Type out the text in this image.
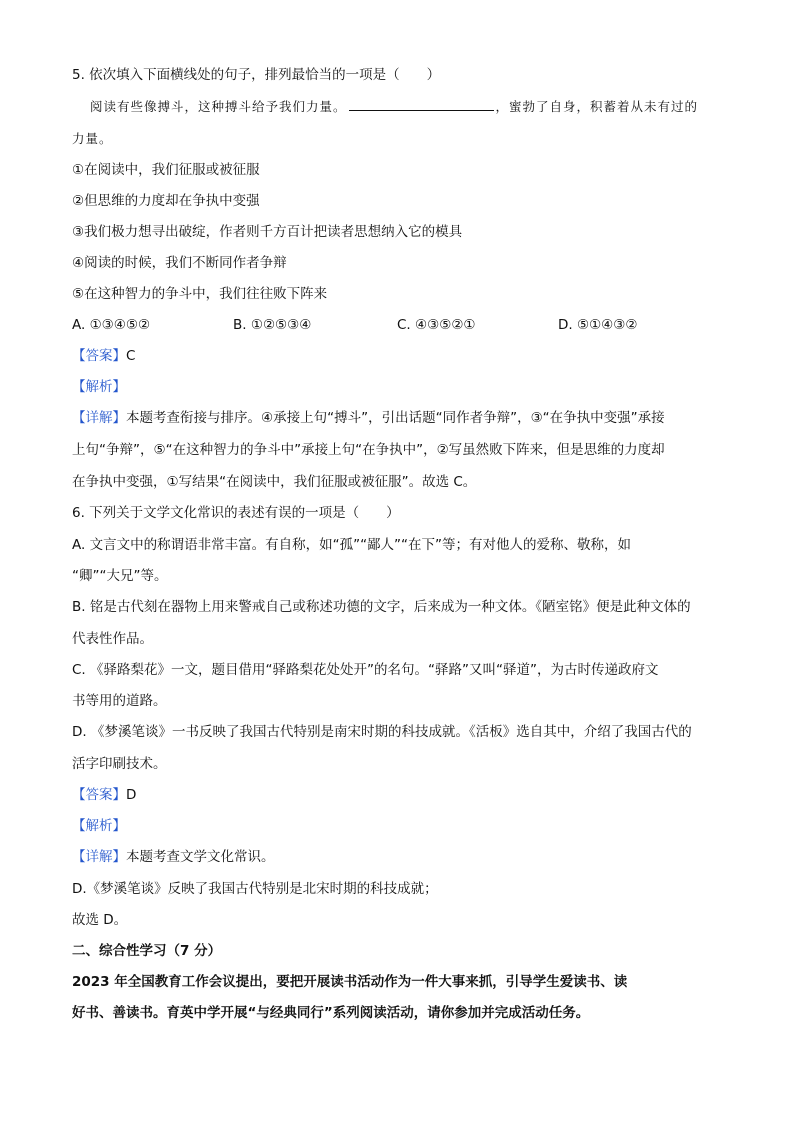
5. 依次填入下面横线处的句子，排列最恰当的一项是（　　）
阅读有些像搏斗，这种搏斗给予我们力量。	，蜜勃了自身，积蓄着从未有过的
力量。
①在阅读中，我们征服或被征服
②但思维的力度却在争执中变强
③我们极力想寻出破绽，作者则千方百计把读者思想纳入它的模具
④阅读的时候，我们不断同作者争辩
⑤在这种智力的争斗中，我们往往败下阵来
A. ①③④⑤②	B. ①②⑤③④	C. ④③⑤②①	D. ⑤①④③②
【答案】C
【解析】
【详解】本题考查衔接与排序。④承接上句“搏斗”，引出话题“同作者争辩”，③“在争执中变强”承接
上句“争辩”，⑤“在这种智力的争斗中”承接上句“在争执中”，②写虽然败下阵来，但是思维的力度却
在争执中变强，①写结果“在阅读中，我们征服或被征服”。故选 C。
6. 下列关于文学文化常识的表述有误的一项是（　　）
A. 文言文中的称谓语非常丰富。有自称，如“孤”“鄙人”“在下”等；有对他人的爱称、敬称，如
“卿”“大兄”等。
B. 铭是古代刻在器物上用来警戒自己或称述功德的文字，后来成为一种文体。《陋室铭》便是此种文体的
代表性作品。
C. 《驿路梨花》一文，题目借用“驿路梨花处处开”的名句。“驿路”又叫“驿道”，为古时传递政府文
书等用的道路。
D. 《梦溪笔谈》一书反映了我国古代特别是南宋时期的科技成就。《活板》选自其中，介绍了我国古代的
活字印刷技术。
【答案】D
【解析】
【详解】本题考查文学文化常识。
D.《梦溪笔谈》反映了我国古代特别是北宋时期的科技成就；
故选 D。
二、综合性学习（7 分）
2023 年全国教育工作会议提出，要把开展读书活动作为一件大事来抓，引导学生爱读书、读
好书、善读书。育英中学开展“与经典同行”系列阅读活动，请你参加并完成活动任务。
